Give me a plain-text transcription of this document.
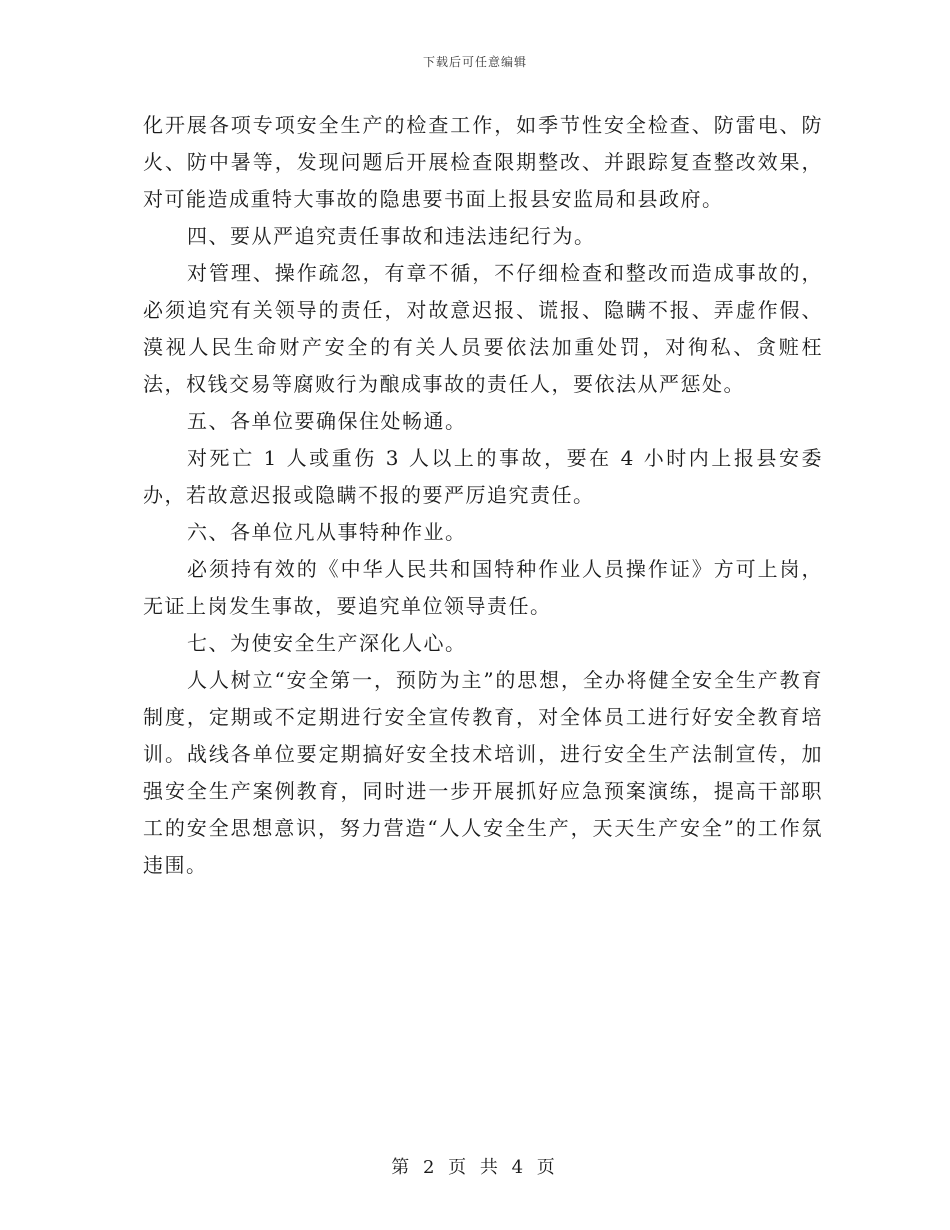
下载后可任意编辑

化开展各项专项安全生产的检查工作，如季节性安全检查、防雷电、防火、防中暑等，发现问题后开展检查限期整改、并跟踪复查整改效果，对可能造成重特大事故的隐患要书面上报县安监局和县政府。

四、要从严追究责任事故和违法违纪行为。

对管理、操作疏忽，有章不循，不仔细检查和整改而造成事故的，必须追究有关领导的责任，对故意迟报、谎报、隐瞒不报、弄虚作假、漠视人民生命财产安全的有关人员要依法加重处罚，对徇私、贪赃枉法，权钱交易等腐败行为酿成事故的责任人，要依法从严惩处。

五、各单位要确保住处畅通。

对死亡 1 人或重伤 3 人以上的事故，要在 4 小时内上报县安委办，若故意迟报或隐瞒不报的要严厉追究责任。

六、各单位凡从事特种作业。

必须持有效的《中华人民共和国特种作业人员操作证》方可上岗，无证上岗发生事故，要追究单位领导责任。

七、为使安全生产深化人心。

人人树立“安全第一，预防为主”的思想，全办将健全安全生产教育制度，定期或不定期进行安全宣传教育，对全体员工进行好安全教育培训。战线各单位要定期搞好安全技术培训，进行安全生产法制宣传，加强安全生产案例教育，同时进一步开展抓好应急预案演练，提高干部职工的安全思想意识，努力营造“人人安全生产，天天生产安全”的工作氛违围。

第 2 页 共 4 页
